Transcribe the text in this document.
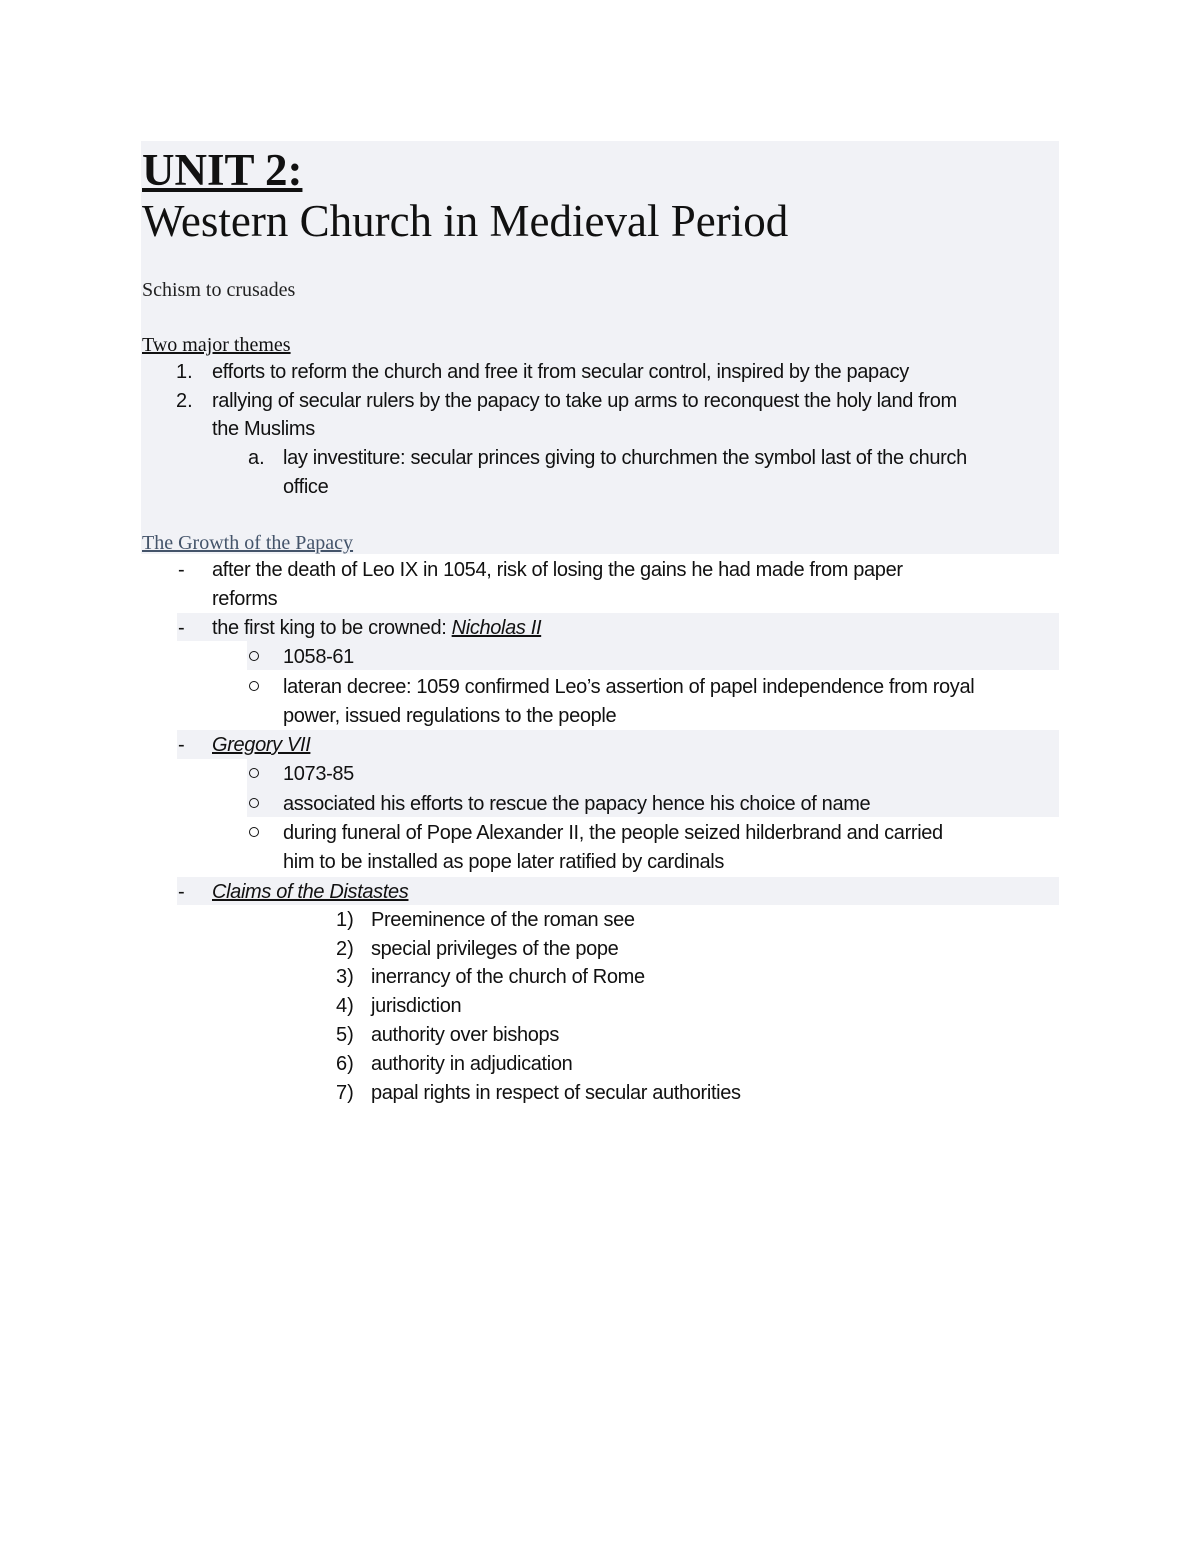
UNIT 2:
Western Church in Medieval Period
Schism to crusades
Two major themes
1. efforts to reform the church and free it from secular control, inspired by the papacy
2. rallying of secular rulers by the papacy to take up arms to reconquest the holy land from
the Muslims
a. lay investiture: secular princes giving to churchmen the symbol last of the church
office
The Growth of the Papacy
- after the death of Leo IX in 1054, risk of losing the gains he had made from paper
reforms
- the first king to be crowned: Nicholas II
1058-61
lateran decree: 1059 confirmed Leo’s assertion of papel independence from royal
power, issued regulations to the people
- Gregory VII
1073-85
associated his efforts to rescue the papacy hence his choice of name
during funeral of Pope Alexander II, the people seized hilderbrand and carried
him to be installed as pope later ratified by cardinals
- Claims of the Distastes
1) Preeminence of the roman see
2) special privileges of the pope
3) inerrancy of the church of Rome
4) jurisdiction
5) authority over bishops
6) authority in adjudication
7) papal rights in respect of secular authorities
